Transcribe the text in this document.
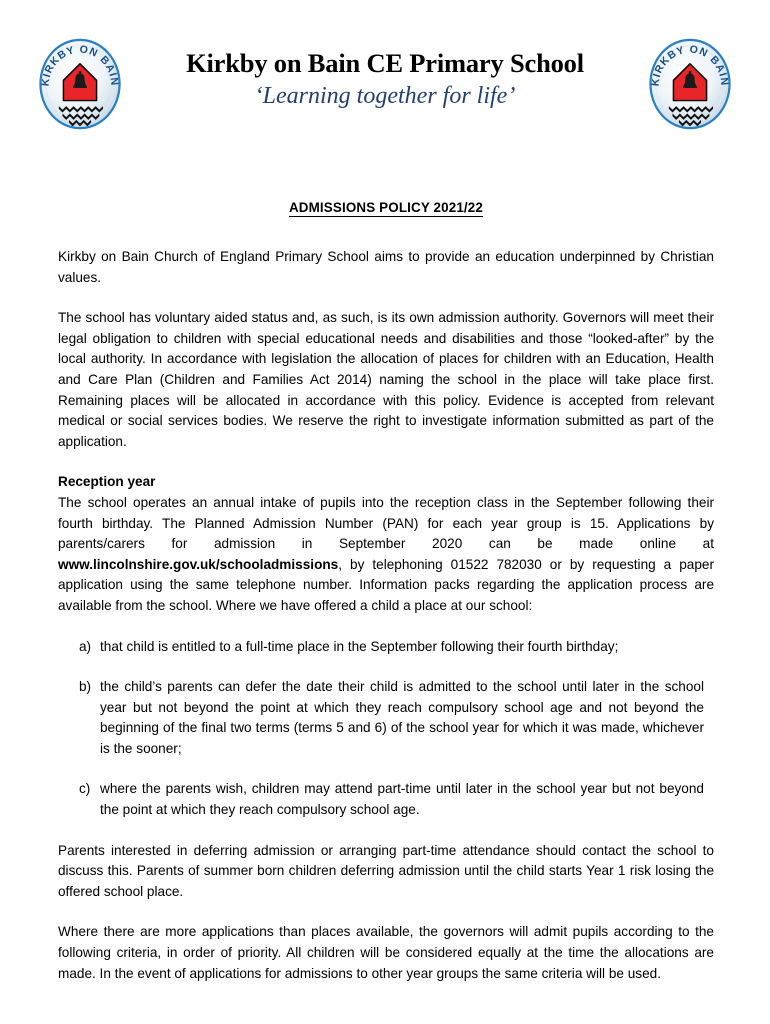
KIRKBY ON BAIN
Kirkby on Bain CE Primary School
‘Learning together for life’
KIRKBY ON BAIN
ADMISSIONS POLICY 2021/22

Kirkby on Bain Church of England Primary School aims to provide an education underpinned by Christian values.

The school has voluntary aided status and, as such, is its own admission authority. Governors will meet their legal obligation to children with special educational needs and disabilities and those “looked-after” by the local authority. In accordance with legislation the allocation of places for children with an Education, Health and Care Plan (Children and Families Act 2014) naming the school in the place will take place first. Remaining places will be allocated in accordance with this policy. Evidence is accepted from relevant medical or social services bodies. We reserve the right to investigate information submitted as part of the application.

Reception year

The school operates an annual intake of pupils into the reception class in the September following their fourth birthday. The Planned Admission Number (PAN) for each year group is 15. Applications by parents/carers for admission in September 2020 can be made online at www.lincolnshire.gov.uk/schooladmissions, by telephoning 01522 782030 or by requesting a paper application using the same telephone number. Information packs regarding the application process are available from the school. Where we have offered a child a place at our school:

a) that child is entitled to a full-time place in the September following their fourth birthday;
b) the child’s parents can defer the date their child is admitted to the school until later in the school year but not beyond the point at which they reach compulsory school age and not beyond the beginning of the final two terms (terms 5 and 6) of the school year for which it was made, whichever is the sooner;
c) where the parents wish, children may attend part-time until later in the school year but not beyond the point at which they reach compulsory school age.

Parents interested in deferring admission or arranging part-time attendance should contact the school to discuss this. Parents of summer born children deferring admission until the child starts Year 1 risk losing the offered school place.

Where there are more applications than places available, the governors will admit pupils according to the following criteria, in order of priority. All children will be considered equally at the time the allocations are made. In the event of applications for admissions to other year groups the same criteria will be used.
